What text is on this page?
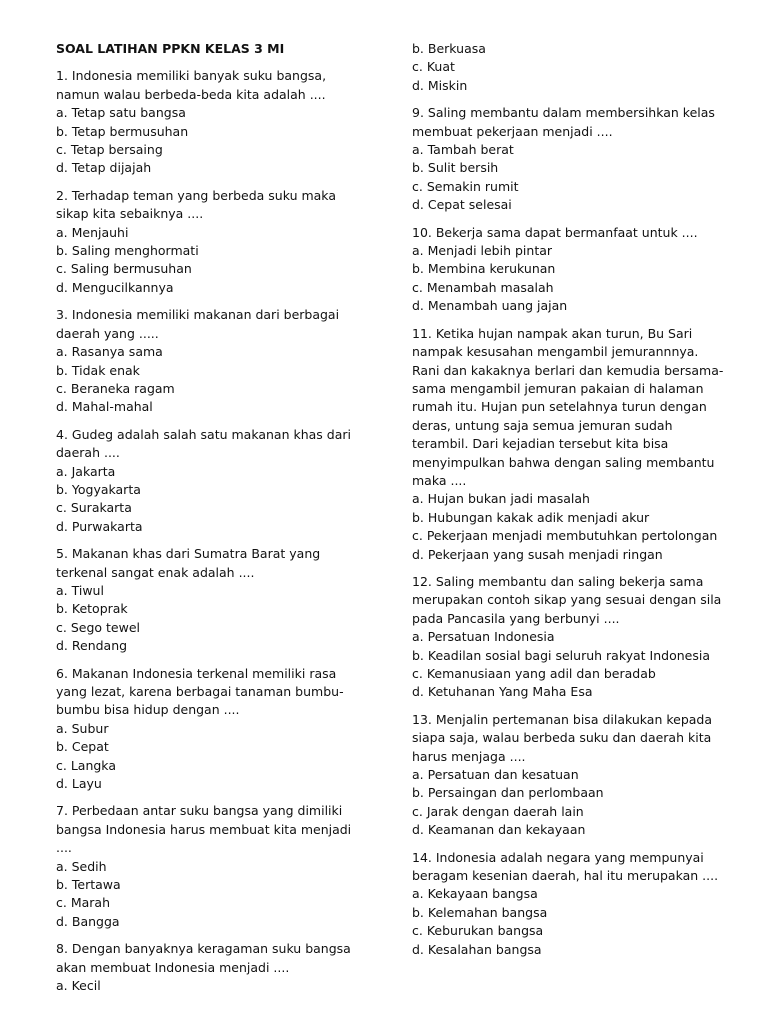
SOAL LATIHAN PPKN KELAS 3 MI
1. Indonesia memiliki banyak suku bangsa,
namun walau berbeda-beda kita adalah ....
a. Tetap satu bangsa
b. Tetap bermusuhan
c. Tetap bersaing
d. Tetap dijajah
2. Terhadap teman yang berbeda suku maka
sikap kita sebaiknya ....
a. Menjauhi
b. Saling menghormati
c. Saling bermusuhan
d. Mengucilkannya
3. Indonesia memiliki makanan dari berbagai
daerah yang .....
a. Rasanya sama
b. Tidak enak
c. Beraneka ragam
d. Mahal-mahal
4. Gudeg adalah salah satu makanan khas dari
daerah ....
a. Jakarta
b. Yogyakarta
c. Surakarta
d. Purwakarta
5. Makanan khas dari Sumatra Barat yang
terkenal sangat enak adalah ....
a. Tiwul
b. Ketoprak
c. Sego tewel
d. Rendang
6. Makanan Indonesia terkenal memiliki rasa
yang lezat, karena berbagai tanaman bumbu-
bumbu bisa hidup dengan ....
a. Subur
b. Cepat
c. Langka
d. Layu
7. Perbedaan antar suku bangsa yang dimiliki
bangsa Indonesia harus membuat kita menjadi
....
a. Sedih
b. Tertawa
c. Marah
d. Bangga
8. Dengan banyaknya keragaman suku bangsa
akan membuat Indonesia menjadi ....
a. Kecil
b. Berkuasa
c. Kuat
d. Miskin
9. Saling membantu dalam membersihkan kelas
membuat pekerjaan menjadi ....
a. Tambah berat
b. Sulit bersih
c. Semakin rumit
d. Cepat selesai
10. Bekerja sama dapat bermanfaat untuk ....
a. Menjadi lebih pintar
b. Membina kerukunan
c. Menambah masalah
d. Menambah uang jajan
11. Ketika hujan nampak akan turun, Bu Sari
nampak kesusahan mengambil jemurannnya.
Rani dan kakaknya berlari dan kemudia bersama-
sama mengambil jemuran pakaian di halaman
rumah itu. Hujan pun setelahnya turun dengan
deras, untung saja semua jemuran sudah
terambil. Dari kejadian tersebut kita bisa
menyimpulkan bahwa dengan saling membantu
maka ....
a. Hujan bukan jadi masalah
b. Hubungan kakak adik menjadi akur
c. Pekerjaan menjadi membutuhkan pertolongan
d. Pekerjaan yang susah menjadi ringan
12. Saling membantu dan saling bekerja sama
merupakan contoh sikap yang sesuai dengan sila
pada Pancasila yang berbunyi ....
a. Persatuan Indonesia
b. Keadilan sosial bagi seluruh rakyat Indonesia
c. Kemanusiaan yang adil dan beradab
d. Ketuhanan Yang Maha Esa
13. Menjalin pertemanan bisa dilakukan kepada
siapa saja, walau berbeda suku dan daerah kita
harus menjaga ....
a. Persatuan dan kesatuan
b. Persaingan dan perlombaan
c. Jarak dengan daerah lain
d. Keamanan dan kekayaan
14. Indonesia adalah negara yang mempunyai
beragam kesenian daerah, hal itu merupakan ....
a. Kekayaan bangsa
b. Kelemahan bangsa
c. Keburukan bangsa
d. Kesalahan bangsa
